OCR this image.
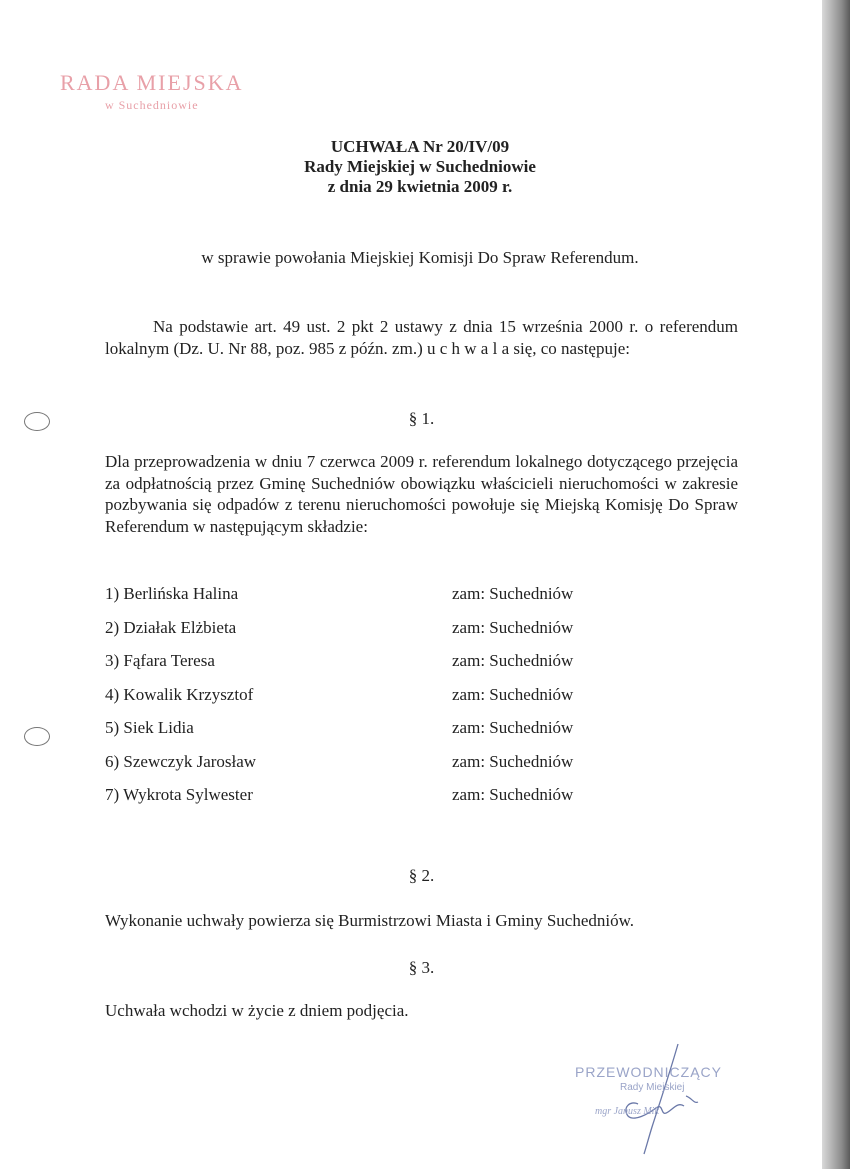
RADA MIEJSKA
w Suchedniowie
UCHWAŁA Nr 20/IV/09
Rady Miejskiej w Suchedniowie
z dnia 29 kwietnia 2009 r.
w sprawie powołania Miejskiej Komisji Do Spraw Referendum.
Na podstawie art. 49 ust. 2 pkt 2 ustawy z dnia 15 września 2000 r. o referendum lokalnym (Dz. U. Nr 88, poz. 985 z późn. zm.) u c h w a l a się, co następuje:
§ 1.
Dla przeprowadzenia w dniu 7 czerwca 2009 r. referendum lokalnego dotyczącego przejęcia za odpłatnością przez Gminę Suchedniów obowiązku właścicieli nieruchomości w zakresie pozbywania się odpadów z terenu nieruchomości powołuje się Miejską Komisję Do Spraw Referendum w następującym składzie:
1) Berlińska Halina	zam: Suchedniów
2) Działak Elżbieta	zam: Suchedniów
3) Fąfara Teresa	zam: Suchedniów
4) Kowalik Krzysztof	zam: Suchedniów
5) Siek Lidia	zam: Suchedniów
6) Szewczyk Jarosław	zam: Suchedniów
7) Wykrota Sylwester	zam: Suchedniów
§ 2.
Wykonanie uchwały powierza się Burmistrzowi Miasta i Gminy Suchedniów.
§ 3.
Uchwała wchodzi w życie z dniem podjęcia.
PRZEWODNICZĄCY
Rady Miejskiej
mgr Janusz Mik
